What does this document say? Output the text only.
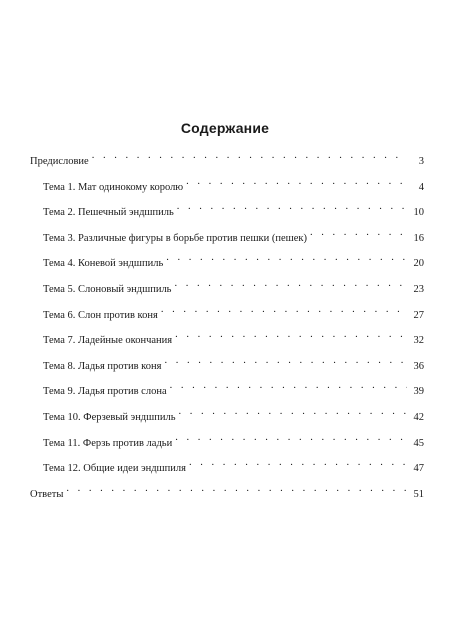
Содержание
Предисловие . . .	3
Тема 1. Мат одинокому королю . . .	4
Тема 2. Пешечный эндшпиль . . .	10
Тема 3. Различные фигуры в борьбе против пешки (пешек) . . .	16
Тема 4. Коневой эндшпиль . . .	20
Тема 5. Слоновый эндшпиль . . .	23
Тема 6. Слон против коня . . .	27
Тема 7. Ладейные окончания . . .	32
Тема 8. Ладья против коня . . .	36
Тема 9. Ладья против слона . . .	39
Тема 10. Ферзевый эндшпиль . . .	42
Тема 11. Ферзь против ладьи . . .	45
Тема 12. Общие идеи эндшпиля . . .	47
Ответы . . .	51
